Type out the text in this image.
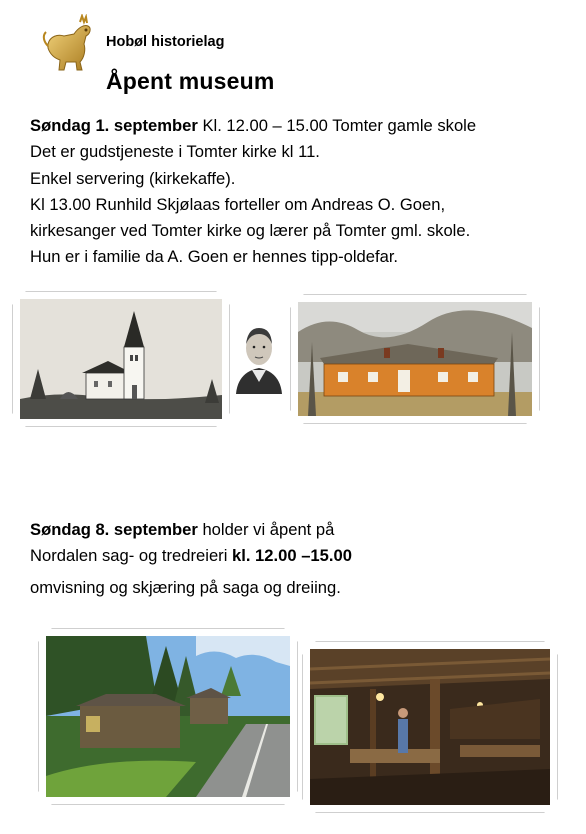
Hobøl historielag
Åpent museum
Søndag 1. september Kl. 12.00 – 15.00 Tomter gamle skole
Det er gudstjeneste i Tomter kirke kl 11.
Enkel servering (kirkekaffe).
Kl 13.00 Runhild Skjølaas forteller om Andreas O. Goen,
kirkesanger ved Tomter kirke og lærer på Tomter gml. skole.
Hun er i familie da A. Goen er hennes tipp-oldefar.
Søndag 8. september holder vi åpent på
Nordalen sag- og tredreieri kl. 12.00 –15.00
omvisning og skjæring på saga og dreiing.
